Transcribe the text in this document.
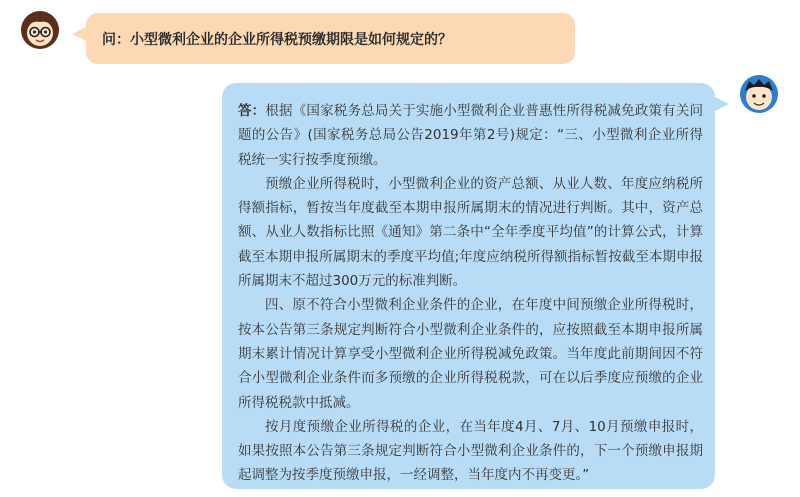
问：小型微利企业的企业所得税预缴期限是如何规定的？

答：根据《国家税务总局关于实施小型微利企业普惠性所得税减免政策有关问题的公告》(国家税务总局公告2019年第2号)规定：“三、小型微利企业所得税统一实行按季度预缴。

预缴企业所得税时，小型微利企业的资产总额、从业人数、年度应纳税所得额指标，暂按当年度截至本期申报所属期末的情况进行判断。其中，资产总额、从业人数指标比照《通知》第二条中“全年季度平均值”的计算公式，计算截至本期申报所属期末的季度平均值;年度应纳税所得额指标暂按截至本期申报所属期末不超过300万元的标准判断。

四、原不符合小型微利企业条件的企业，在年度中间预缴企业所得税时，按本公告第三条规定判断符合小型微利企业条件的，应按照截至本期申报所属期末累计情况计算享受小型微利企业所得税减免政策。当年度此前期间因不符合小型微利企业条件而多预缴的企业所得税税款，可在以后季度应预缴的企业所得税税款中抵减。

按月度预缴企业所得税的企业，在当年度4月、7月、10月预缴申报时，如果按照本公告第三条规定判断符合小型微利企业条件的，下一个预缴申报期起调整为按季度预缴申报，一经调整，当年度内不再变更。”
